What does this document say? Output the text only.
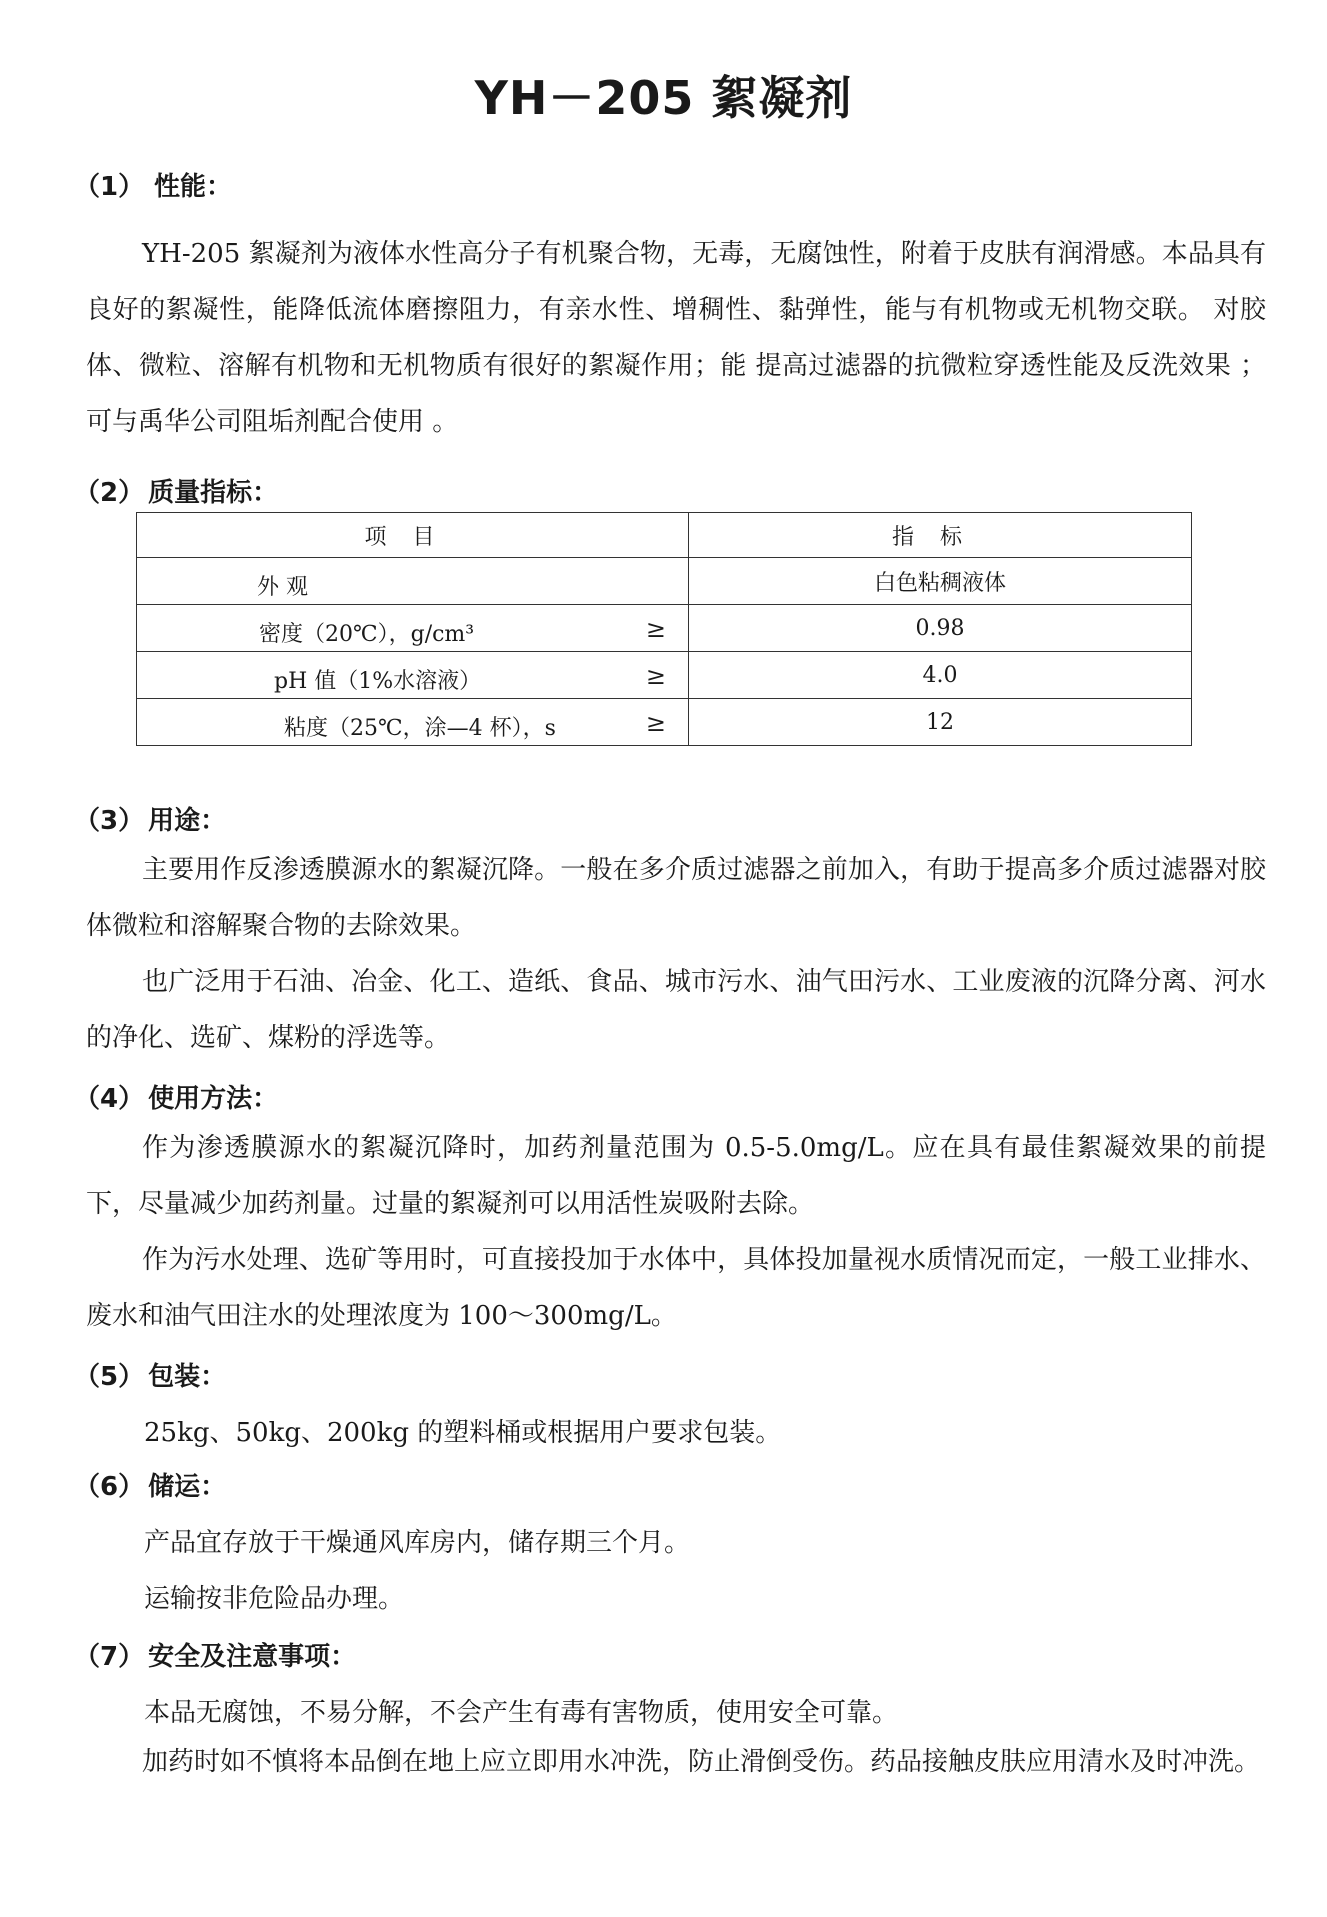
YH－205 絮凝剂
（1） 性能：
YH-205 絮凝剂为液体水性高分子有机聚合物，无毒，无腐蚀性，附着于皮肤有润滑感。本品具有良好的絮凝性，能降低流体磨擦阻力，有亲水性、增稠性、黏弹性，能与有机物或无机物交联。 对胶体、微粒、溶解有机物和无机物质有很好的絮凝作用；能 提高过滤器的抗微粒穿透性能及反洗效果 ； 可与禹华公司阻垢剂配合使用 。
（2） 质量指标：
项目	指标

外 观	白色粘稠液体

密度（20℃），g/cm³ ≥	0.98

pH 值（1%水溶液） ≥	4.0

粘度（25℃，涂—4 杯），s ≥	12
（3） 用途：
主要用作反渗透膜源水的絮凝沉降。一般在多介质过滤器之前加入，有助于提高多介质过滤器对胶体微粒和溶解聚合物的去除效果。
也广泛用于石油、冶金、化工、造纸、食品、城市污水、油气田污水、工业废液的沉降分离、河水的净化、选矿、煤粉的浮选等。
（4） 使用方法：
作为渗透膜源水的絮凝沉降时，加药剂量范围为 0.5-5.0mg/L。应在具有最佳絮凝效果的前提下，尽量减少加药剂量。过量的絮凝剂可以用活性炭吸附去除。
作为污水处理、选矿等用时，可直接投加于水体中，具体投加量视水质情况而定，一般工业排水、废水和油气田注水的处理浓度为 100～300mg/L。
（5） 包装：
25kg、50kg、200kg 的塑料桶或根据用户要求包装。
（6） 储运：
产品宜存放于干燥通风库房内，储存期三个月。
运输按非危险品办理。
（7） 安全及注意事项：
本品无腐蚀，不易分解，不会产生有毒有害物质，使用安全可靠。
加药时如不慎将本品倒在地上应立即用水冲洗，防止滑倒受伤。药品接触皮肤应用清水及时冲洗。
